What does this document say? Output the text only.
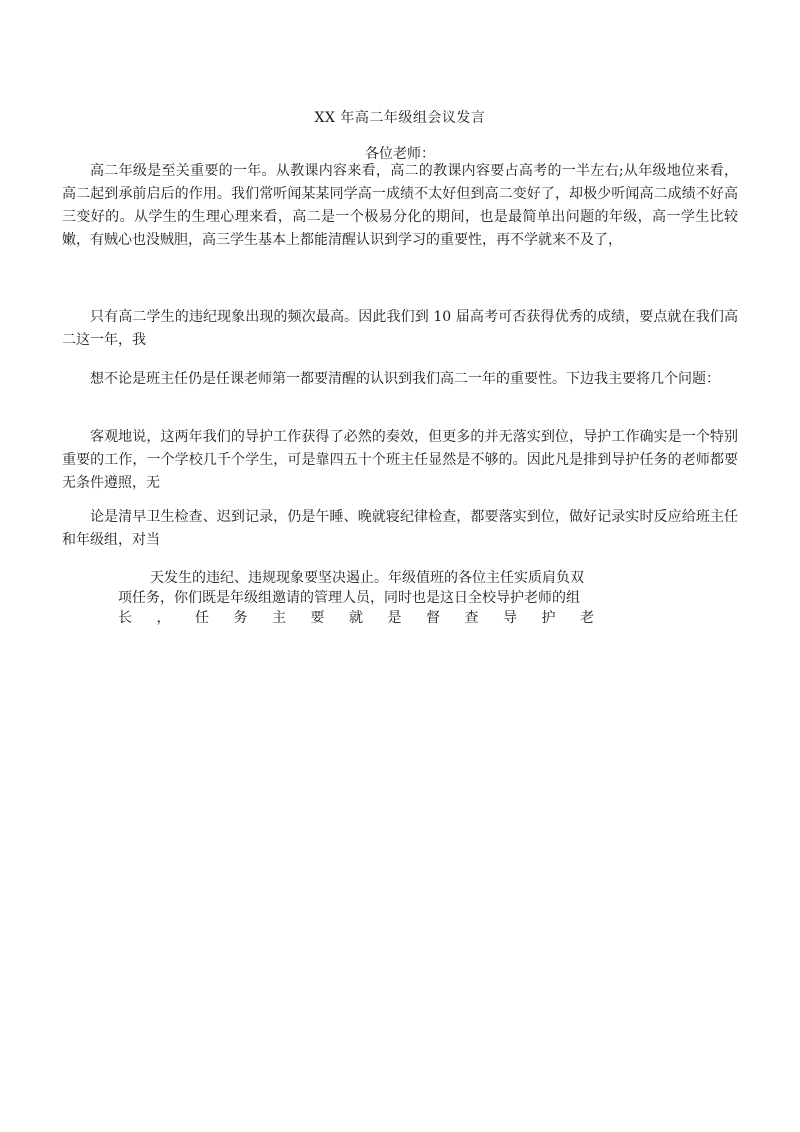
XX 年高二年级组会议发言
各位老师：

高二年级是至关重要的一年。从教课内容来看，高二的教课内容要占高考的一半左右;从年级地位来看，高二起到承前启后的作用。我们常听闻某某同学高一成绩不太好但到高二变好了，却极少听闻高二成绩不好高三变好的。从学生的生理心理来看，高二是一个极易分化的期间，也是最简单出问题的年级，高一学生比较嫩，有贼心也没贼胆，高三学生基本上都能清醒认识到学习的重要性，再不学就来不及了，

只有高二学生的违纪现象出现的频次最高。因此我们到 10 届高考可否获得优秀的成绩，要点就在我们高二这一年，我

想不论是班主任仍是任课老师第一都要清醒的认识到我们高二一年的重要性。下边我主要将几个问题：

客观地说，这两年我们的导护工作获得了必然的奏效，但更多的并无落实到位，导护工作确实是一个特别重要的工作，一个学校几千个学生，可是靠四五十个班主任显然是不够的。因此凡是排到导护任务的老师都要无条件遵照，无

论是清早卫生检查、迟到记录，仍是午睡、晚就寝纪律检查，都要落实到位，做好记录实时反应给班主任和年级组，对当

天发生的违纪、违规现象要坚决遏止。年级值班的各位主任实质肩负双
项任务，你们既是年级组邀请的管理人员，同时也是这日全校导护老师的组
长 ， 任 务 主 要 就 是 督 查 导 护 老
